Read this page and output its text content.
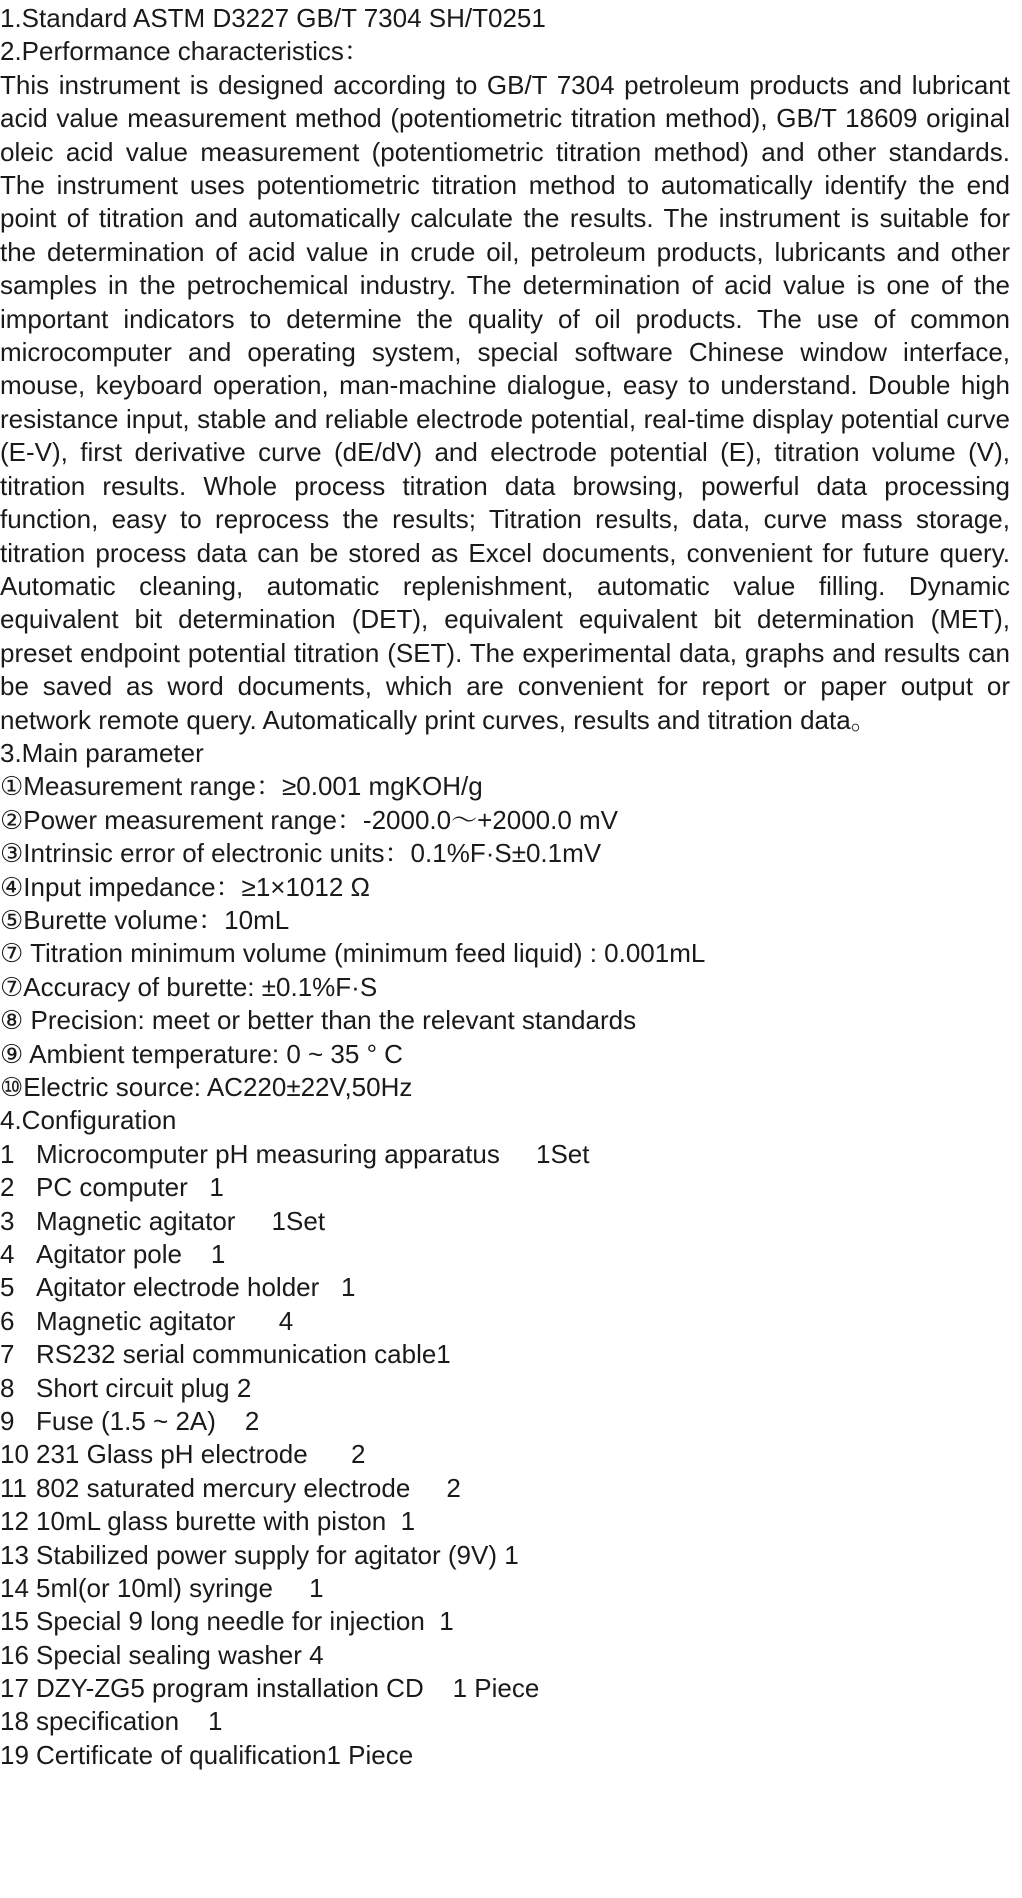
1.Standard ASTM D3227 GB/T 7304 SH/T0251
2.Performance characteristics：

This instrument is designed according to GB/T 7304 petroleum products and lubricant acid value measurement method (potentiometric titration method), GB/T 18609 original oleic acid value measurement (potentiometric titration method) and other standards. The instrument uses potentiometric titration method to automatically identify the end point of titration and automatically calculate the results. The instrument is suitable for the determination of acid value in crude oil, petroleum products, lubricants and other samples in the petrochemical industry. The determination of acid value is one of the important indicators to determine the quality of oil products. The use of common microcomputer and operating system, special software Chinese window interface, mouse, keyboard operation, man-machine dialogue, easy to understand. Double high resistance input, stable and reliable electrode potential, real-time display potential curve (E-V), first derivative curve (dE/dV) and electrode potential (E), titration volume (V), titration results. Whole process titration data browsing, powerful data processing function, easy to reprocess the results; Titration results, data, curve mass storage, titration process data can be stored as Excel documents, convenient for future query. Automatic cleaning, automatic replenishment, automatic value filling. Dynamic equivalent bit determination (DET), equivalent equivalent bit determination (MET), preset endpoint potential titration (SET). The experimental data, graphs and results can be saved as word documents, which are convenient for report or paper output or network remote query. Automatically print curves, results and titration data。

3.Main parameter
①Measurement range：≥0.001 mgKOH/g
②Power measurement range：-2000.0～+2000.0 mV
③Intrinsic error of electronic units：0.1%F·S±0.1mV
④Input impedance：≥1×1012 Ω
⑤Burette volume：10mL
⑦ Titration minimum volume (minimum feed liquid) : 0.001mL
⑦Accuracy of burette: ±0.1%F·S
⑧ Precision: meet or better than the relevant standards
⑨ Ambient temperature: 0 ~ 35 ° C
⑩Electric source: AC220±22V,50Hz
4.Configuration
1 Microcomputer pH measuring apparatus     1Set
2 PC computer   1
3 Magnetic agitator     1Set
4 Agitator pole    1
5 Agitator electrode holder   1
6 Magnetic agitator      4
7 RS232 serial communication cable1
8 Short circuit plug 2
9 Fuse (1.5 ~ 2A)    2
10 231 Glass pH electrode      2
11 802 saturated mercury electrode     2
12 10mL glass burette with piston  1
13 Stabilized power supply for agitator (9V) 1
14 5ml(or 10ml) syringe     1
15 Special 9 long needle for injection  1
16 Special sealing washer 4
17 DZY-ZG5 program installation CD    1 Piece
18 specification    1
19 Certificate of qualification1 Piece
